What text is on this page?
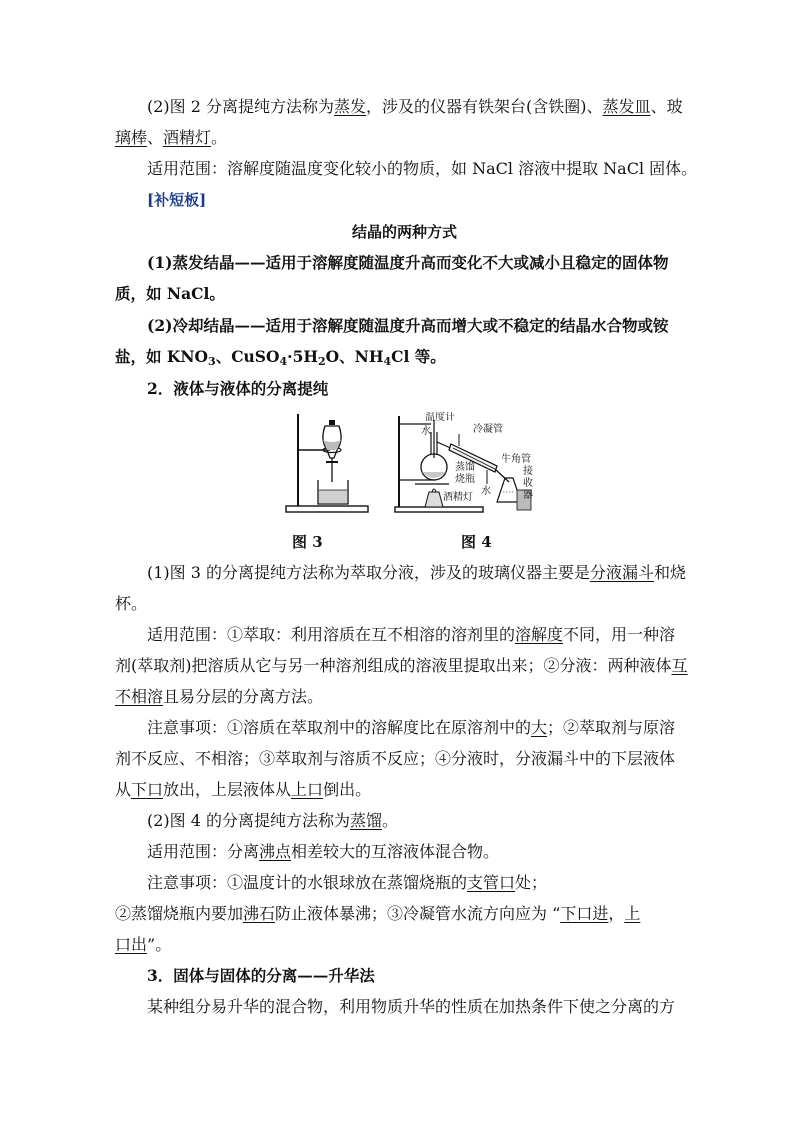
(2)图 2 分离提纯方法称为蒸发，涉及的仪器有铁架台(含铁圈)、蒸发皿、玻
璃棒、酒精灯。
适用范围：溶解度随温度变化较小的物质，如 NaCl 溶液中提取 NaCl 固体。
[补短板]
结晶的两种方式
(1)蒸发结晶——适用于溶解度随温度升高而变化不大或减小且稳定的固体物
质，如 NaCl。
(2)冷却结晶——适用于溶解度随温度升高而增大或不稳定的结晶水合物或铵
盐，如 $KNO_3$、$CuSO_4\cdot 5H_2O$、$NH_4Cl$ 等。
2．液体与液体的分离提纯
温度计
水	冷凝管
牛角管
蒸馏
烧瓶
水
接
收
器
酒精灯
图 3	图 4
(1)图 3 的分离提纯方法称为萃取分液，涉及的玻璃仪器主要是分液漏斗和烧
杯。
适用范围：①萃取：利用溶质在互不相溶的溶剂里的溶解度不同，用一种溶
剂(萃取剂)把溶质从它与另一种溶剂组成的溶液里提取出来；②分液：两种液体互
不相溶且易分层的分离方法。
注意事项：①溶质在萃取剂中的溶解度比在原溶剂中的大；②萃取剂与原溶
剂不反应、不相溶；③萃取剂与溶质不反应；④分液时，分液漏斗中的下层液体
从下口放出，上层液体从上口倒出。
(2)图 4 的分离提纯方法称为蒸馏。
适用范围：分离沸点相差较大的互溶液体混合物。
注意事项：①温度计的水银球放在蒸馏烧瓶的支管口处；
②蒸馏烧瓶内要加沸石防止液体暴沸；③冷凝管水流方向应为 “下口进，上
口出”。
3．固体与固体的分离——升华法
某种组分易升华的混合物，利用物质升华的性质在加热条件下使之分离的方
